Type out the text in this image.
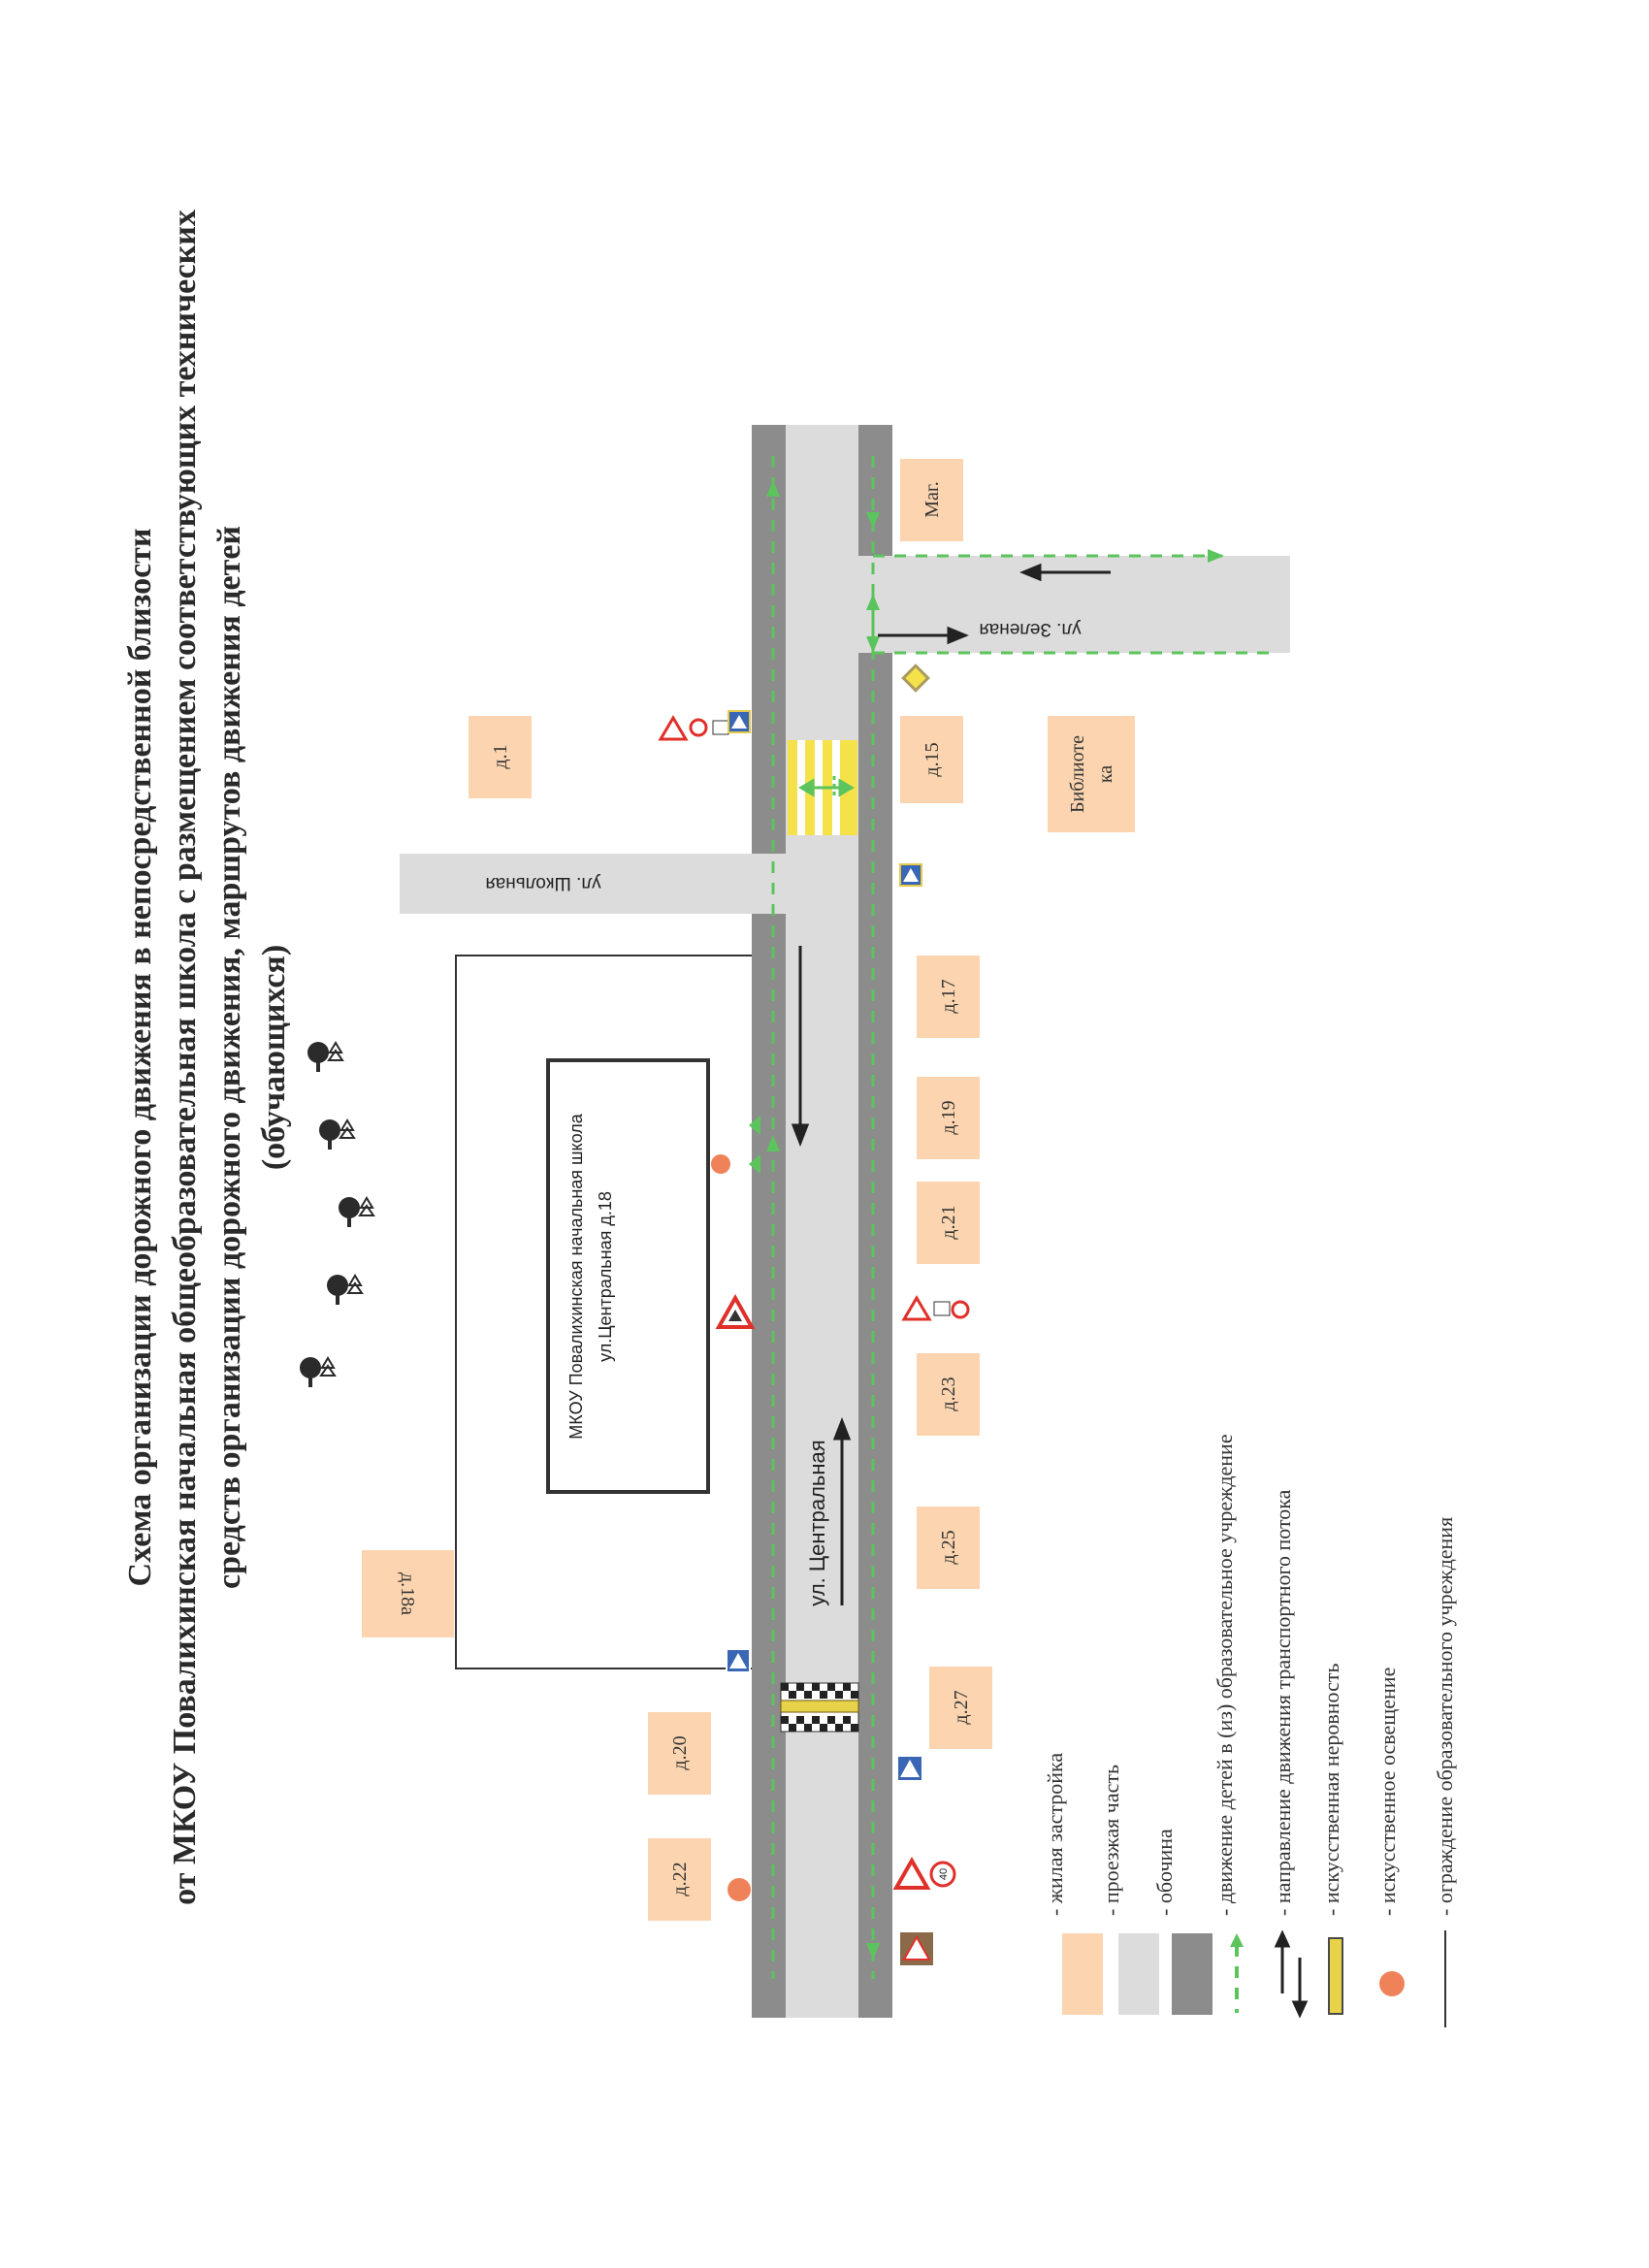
Схема организации дорожного движения в непосредственной близости от МКОУ Повалихинская начальная общеобразовательная школа с размещением соответствующих технических средств организации дорожного движения, маршрутов движения детей (обучающихся)
МКОУ Повалихинская начальная школа ул.Центральная д.18
д.1	д.15
Маг.
Библиоте ка
д.17
д.19
д.21
д.23
д.25
д.27
д.18а
д.20
д.22
ул. Центральная
ул. Школьная
ул. Зеленая
40	- жилая застройка - проезжая часть - обочина - движение детей в (из) образовательное учреждение - направление движения транспортного потока - искусственная неровность - искусственное освещение - ограждение образовательного учреждения
